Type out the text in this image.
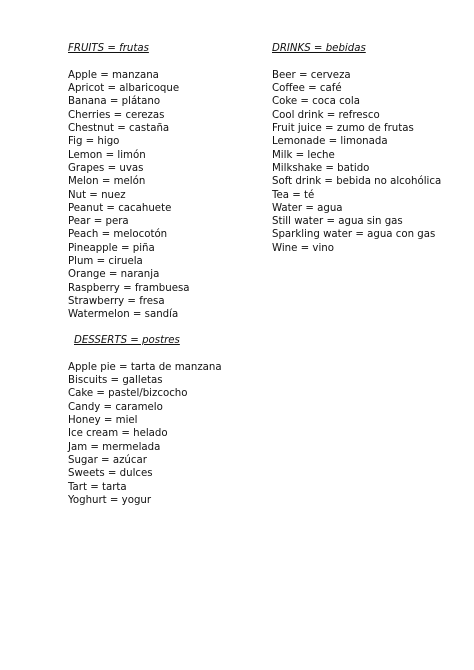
FRUITS = frutas
Apple = manzana
Apricot = albaricoque
Banana = plátano
Cherries = cerezas
Chestnut = castaña
Fig = higo
Lemon = limón
Grapes = uvas
Melon = melón
Nut = nuez
Peanut = cacahuete
Pear = pera
Peach = melocotón
Pineapple = piña
Plum = ciruela
Orange = naranja
Raspberry = frambuesa
Strawberry = fresa
Watermelon = sandía
DRINKS = bebidas
Beer = cerveza
Coffee = café
Coke = coca cola
Cool drink = refresco
Fruit juice = zumo de frutas
Lemonade = limonada
Milk = leche
Milkshake = batido
Soft drink = bebida no alcohólica
Tea = té
Water = agua
Still water = agua sin gas
Sparkling water = agua con gas
Wine = vino
DESSERTS = postres
Apple pie = tarta de manzana
Biscuits = galletas
Cake = pastel/bizcocho
Candy = caramelo
Honey = miel
Ice cream = helado
Jam = mermelada
Sugar = azúcar
Sweets = dulces
Tart = tarta
Yoghurt = yogur
